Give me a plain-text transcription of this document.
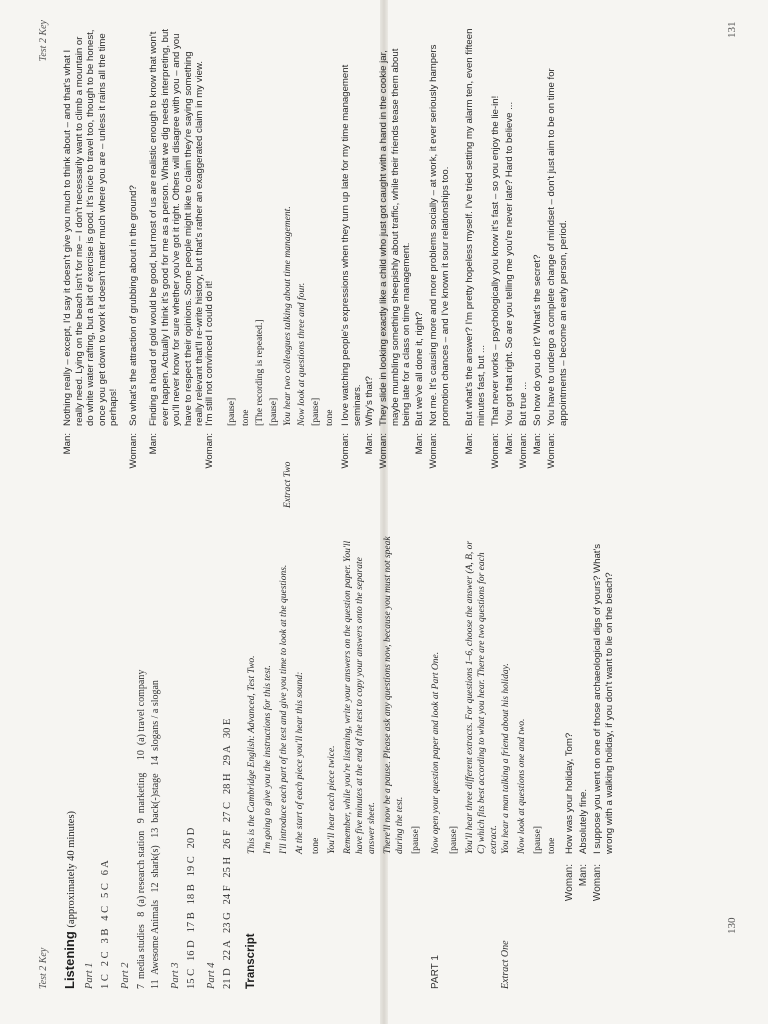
Test 2 Key Listening (approximately 40 minutes)
Part 1 1 C   2 C   3 B   4 C   5 C   6 A Part 2 7  media studies   8  (a) research station   9  marketing     10  (a) travel company 11  Awesome Animals   12  shark(s)   13  back(-)stage   14  slogans / a slogan Part 3 15 C   16 D   17 B   18 B   19 C   20 D Part 4 21 D   22 A   23 G   24 F   25 H   26 F   27 C   28 H   29 A   30 E Transcript
This is the Cambridge English: Advanced, Test Two. I'm going to give you the instructions for this test. I'll introduce each part of the test and give you time to look at the questions. At the start of each piece you'll hear this sound: tone You'll hear each piece twice. Remember, while you're listening, write your answers on the question paper. You'll have five minutes at the end of the test to copy your answers onto the separate answer sheet. There'll now be a pause. Please ask any questions now, because you must not speak during the test. [pause]
PART 1
Now open your question paper and look at Part One. [pause] You'll hear three different extracts. For questions 1–6, choose the answer (A, B, or C) which fits best according to what you hear. There are two questions for each extract.
Extract One
You hear a man talking a friend about his holiday. Now look at questions one and two. [pause] tone
Woman:
How was your holiday, Tom?
Man:
Absolutely fine.
Woman:
I suppose you went on one of those archaeological digs of yours? What's wrong with a walking holiday, if you don't want to lie on the beach?
130
Test 2 Key
Man:
Nothing really – except, I'd say it doesn't give you much to think about – and that's what I really need. Lying on the beach isn't for me – I don't necessarily want to climb a mountain or do white water rafting, but a bit of exercise is good. It's nice to travel too, though to be honest, once you get down to work it doesn't matter much where you are – unless it rains all the time perhaps!
Woman:
So what's the attraction of grubbing about in the ground?
Man:
Finding a hoard of gold would be good, but most of us are realistic enough to know that won't ever happen. Actually I think it's good for me as a person. What we dig needs interpreting, but you'll never know for sure whether you've got it right. Others will disagree with you – and you have to respect their opinions. Some people might like to claim they're saying something really relevant that'll re-write history, but that's rather an exaggerated claim in my view.
Woman:
I'm still not convinced I could do it! [pause] tone [The recording is repeated.] [pause]
Extract Two
You hear two colleagues talking about time management. Now look at questions three and four. [pause] tone
Woman:
I love watching people's expressions when they turn up late for my time management seminars.
Man:
Why's that?
Woman:
They slide in looking exactly like a child who just got caught with a hand in the cookie jar, maybe mumbling something sheepishly about traffic, while their friends tease them about being late for a class on time management.
Man:
But we've all done it, right?
Woman:
Not me. It's causing more and more problems socially – at work, it ever seriously hampers promotion chances – and I've known it sour relationships too.
Man:
But what's the answer? I'm pretty hopeless myself. I've tried setting my alarm ten, even fifteen minutes fast, but ...
Woman:
That never works – psychologically you know it's fast – so you enjoy the lie-in!
Man:
You got that right. So are you telling me you're never late? Hard to believe ...
Woman:
But true ...
Man:
So how do you do it? What's the secret?
Woman:
You have to undergo a complete change of mindset – don't just aim to be on time for appointments – become an early person, period.
131
